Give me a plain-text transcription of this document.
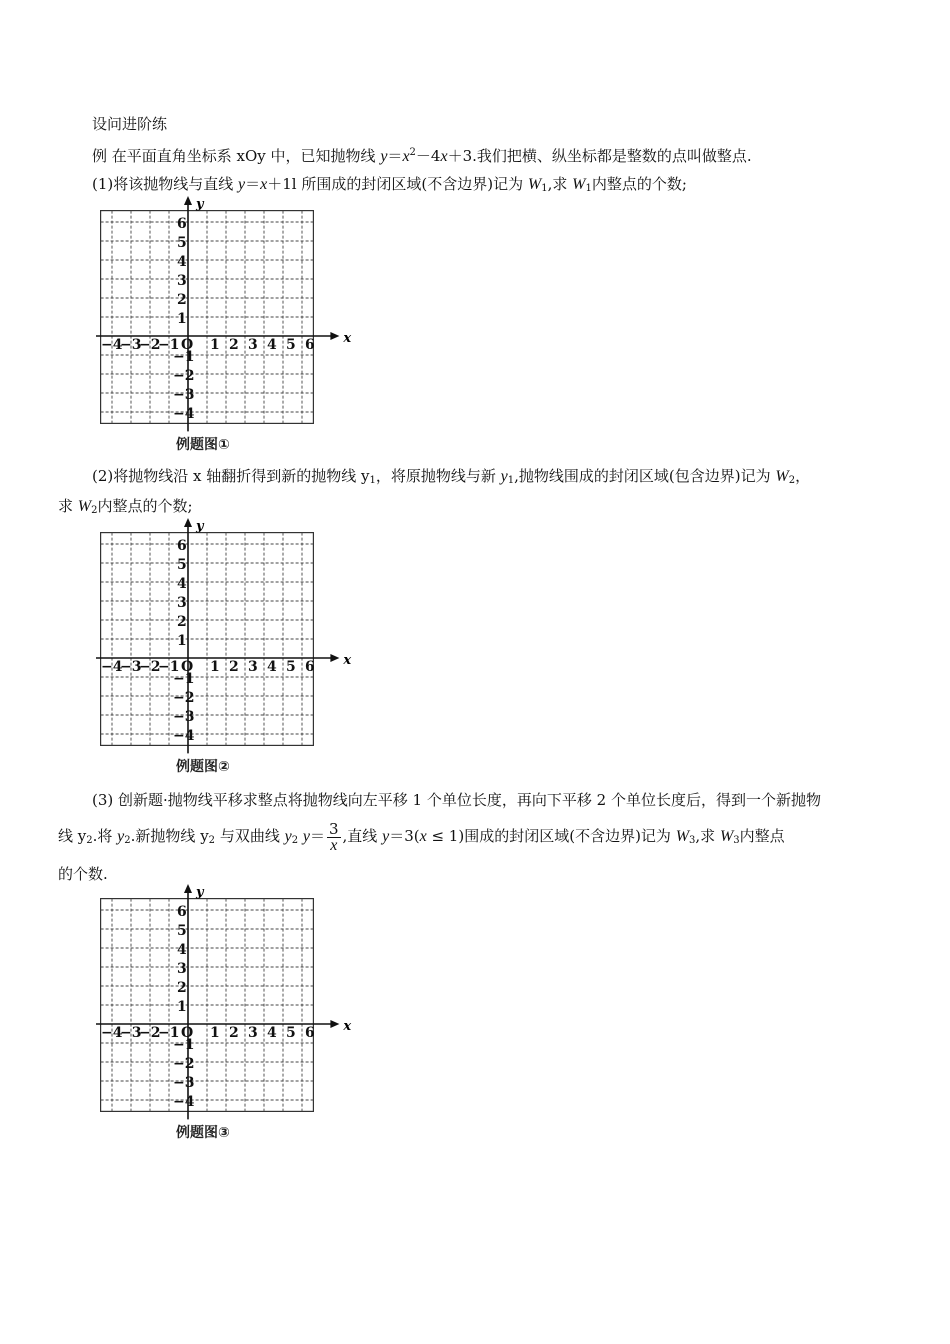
设问进阶练
例 在平面直角坐标系 xOy 中，已知抛物线 $y=x^2-4x+3$.我们把横、纵坐标都是整数的点叫做整点.
(1)将该抛物线与直线 y＝x＋1l 所围成的封闭区域(不含边界)记为 $W_1$,求 $W_1$内整点的个数;
x
y
−4
−3
−2
−1 O 1 2 3 4 5 6
6
5
4
3
2
1
−1
−2
−3
−4
例题图①
(2)将抛物线沿 x 轴翻折得到新的抛物线 $y_1$，将原抛物线与新 $y_1$,抛物线围成的封闭区域(包含边界)记为 $W_2$，
求 $W_2$内整点的个数;
x
y
−4
−3
−2
−1 O 1 2 3 4 5 6
6
5
4
3
2
1
−1
−2
−3
−4
例题图②
(3) 创新题·抛物线平移求整点将抛物线向左平移 1 个单位长度，再向下平移 2 个单位长度后，得到一个新抛物
线 $y_2$.将 $y_2$.新抛物线 $y_2$ 与双曲线 $y_2$ $y= \frac{3}{x}$ ,直线 y＝3(x ≤ 1)围成的封闭区域(不含边界)记为 $W_3$,求 $W_3$内整点
的个数.
x
y
−4
−3
−2
−1 O 1 2 3 4 5 6
6
5
4
3
2
1
−1
−2
−3
−4
例题图③
